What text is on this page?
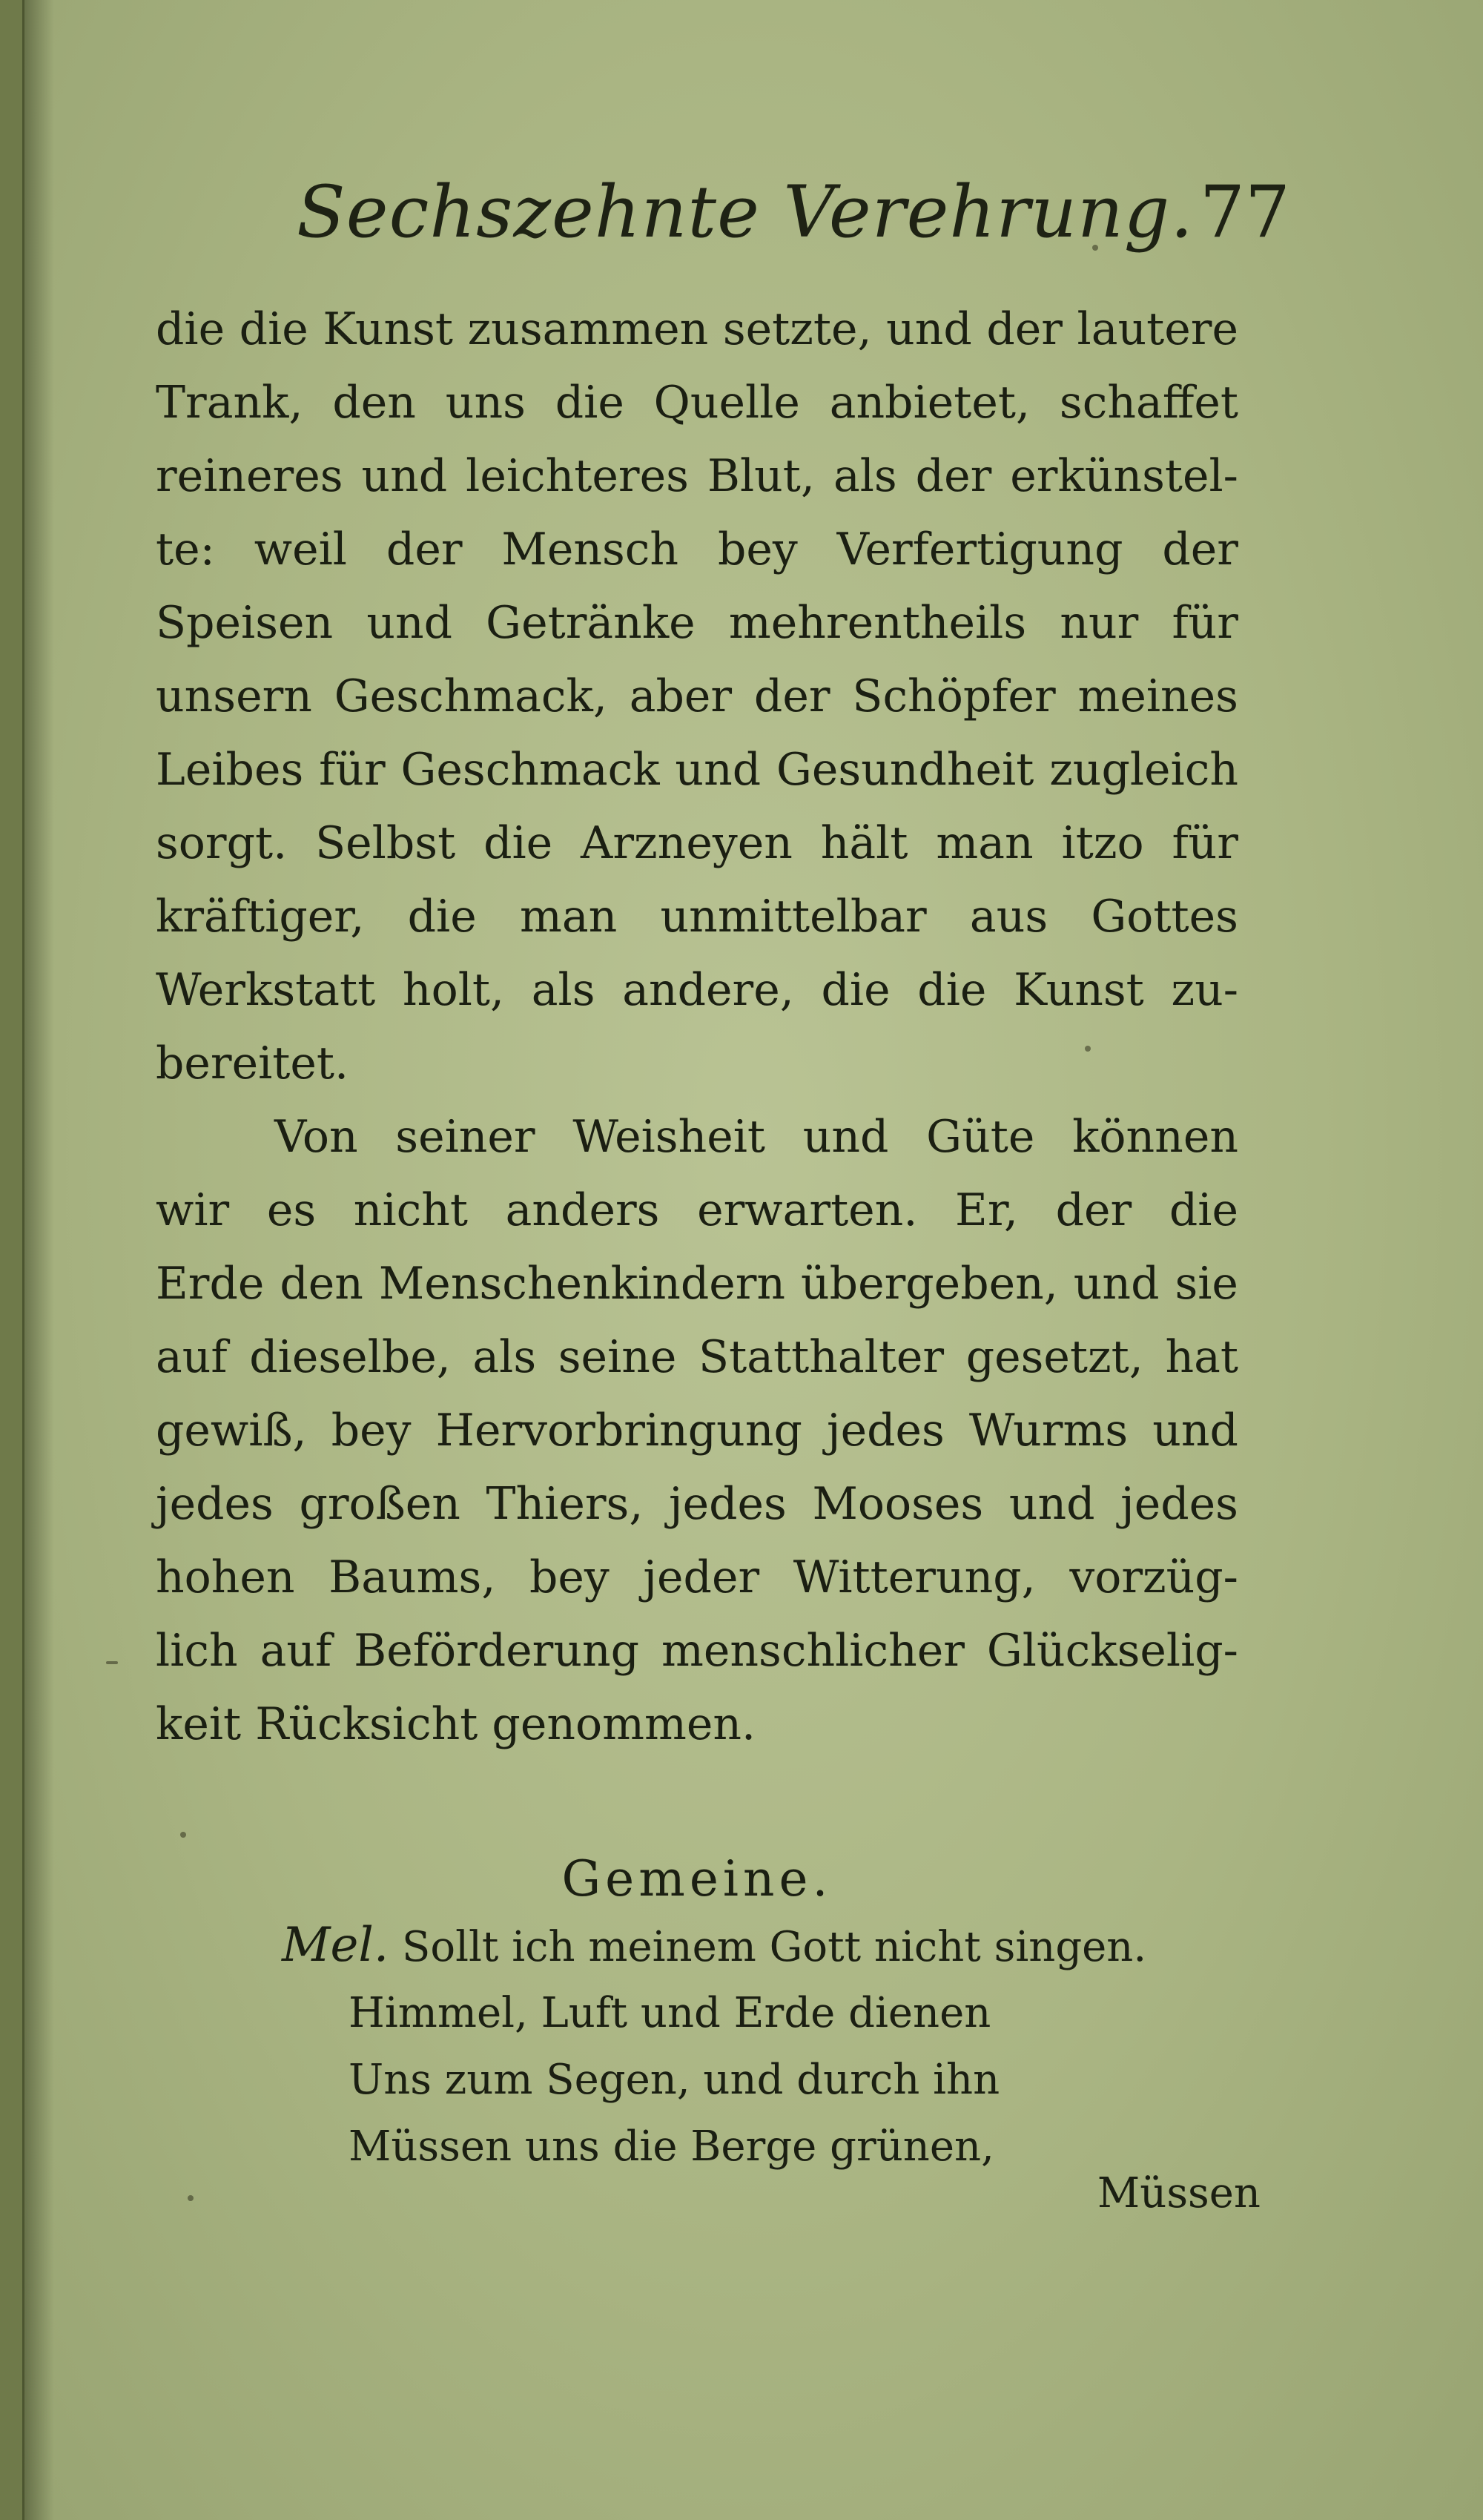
Sechszehnte Verehrung. 77
die die Kunst zusammen setzte, und der lautere
Trank, den uns die Quelle anbietet, schaffet
reineres und leichteres Blut, als der erkünstel-
te: weil der Mensch bey Verfertigung der
Speisen und Getränke mehrentheils nur für
unsern Geschmack, aber der Schöpfer meines
Leibes für Geschmack und Gesundheit zugleich
sorgt. Selbst die Arzneyen hält man itzo für
kräftiger, die man unmittelbar aus Gottes
Werkstatt holt, als andere, die die Kunst zu-
bereitet.
Von seiner Weisheit und Güte können
wir es nicht anders erwarten. Er, der die
Erde den Menschenkindern übergeben, und sie
auf dieselbe, als seine Statthalter gesetzt, hat
gewiß, bey Hervorbringung jedes Wurms und
jedes großen Thiers, jedes Mooses und jedes
hohen Baums, bey jeder Witterung, vorzüg-
lich auf Beförderung menschlicher Glückselig-
keit Rücksicht genommen.
Gemeine.
Mel. Sollt ich meinem Gott nicht singen.
Himmel, Luft und Erde dienen
Uns zum Segen, und durch ihn
Müssen uns die Berge grünen,
Müssen
